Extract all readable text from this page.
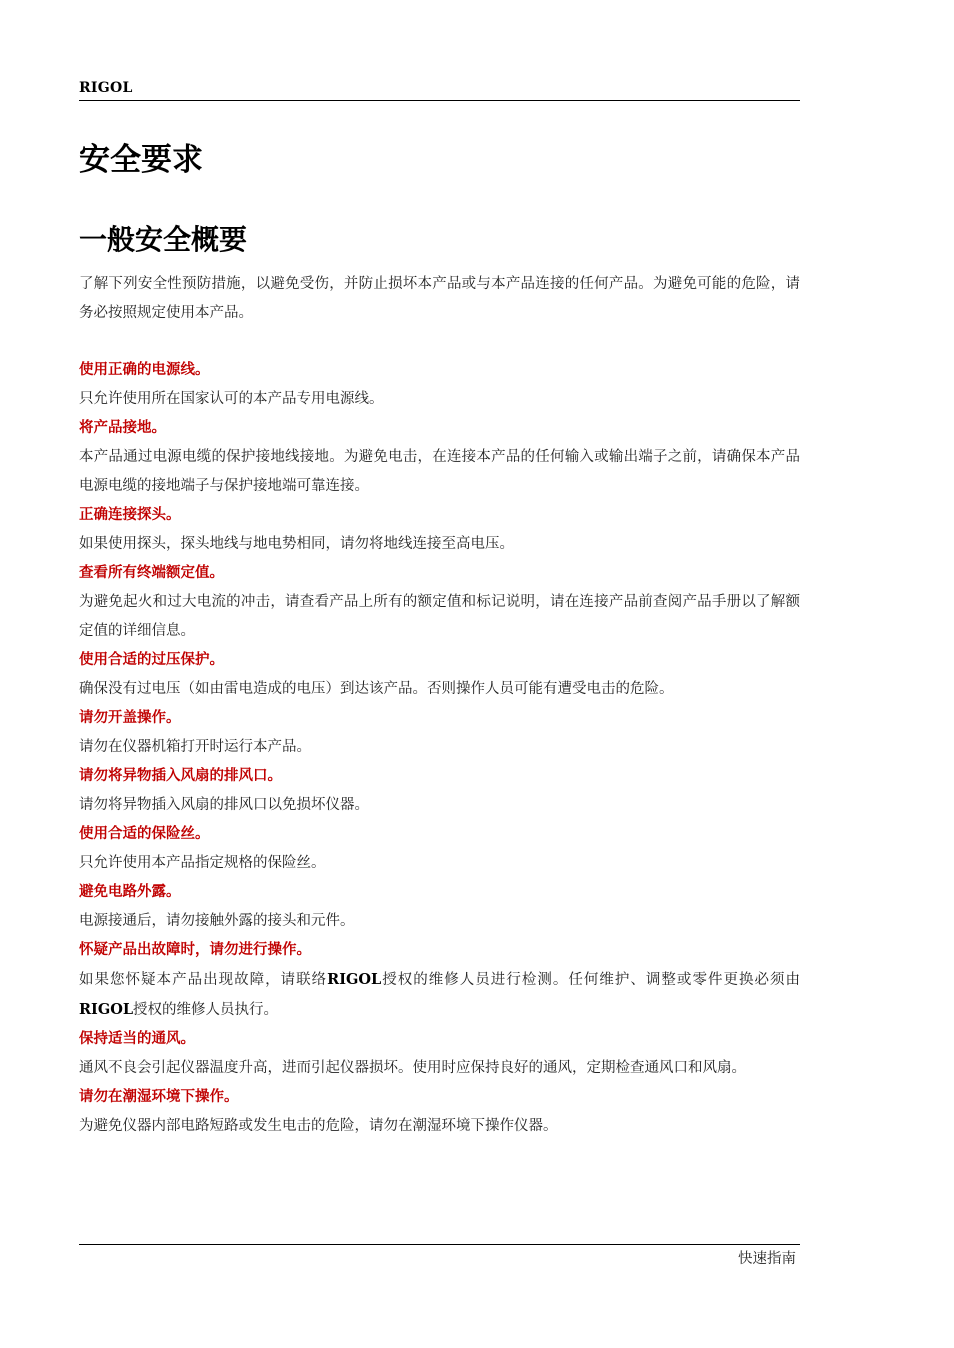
RIGOL
安全要求
一般安全概要

了解下列安全性预防措施，以避免受伤，并防止损坏本产品或与本产品连接的任何产品。为避免可能的危险，请务必按照规定使用本产品。

使用正确的电源线。

只允许使用所在国家认可的本产品专用电源线。

将产品接地。

本产品通过电源电缆的保护接地线接地。为避免电击，在连接本产品的任何输入或输出端子之前，请确保本产品电源电缆的接地端子与保护接地端可靠连接。

正确连接探头。

如果使用探头，探头地线与地电势相同，请勿将地线连接至高电压。

查看所有终端额定值。

为避免起火和过大电流的冲击，请查看产品上所有的额定值和标记说明，请在连接产品前查阅产品手册以了解额定值的详细信息。

使用合适的过压保护。

确保没有过电压（如由雷电造成的电压）到达该产品。否则操作人员可能有遭受电击的危险。

请勿开盖操作。

请勿在仪器机箱打开时运行本产品。

请勿将异物插入风扇的排风口。

请勿将异物插入风扇的排风口以免损坏仪器。

使用合适的保险丝。

只允许使用本产品指定规格的保险丝。

避免电路外露。

电源接通后，请勿接触外露的接头和元件。

怀疑产品出故障时，请勿进行操作。

如果您怀疑本产品出现故障，请联络RIGOL授权的维修人员进行检测。任何维护、调整或零件更换必须由RIGOL授权的维修人员执行。

保持适当的通风。

通风不良会引起仪器温度升高，进而引起仪器损坏。使用时应保持良好的通风，定期检查通风口和风扇。

请勿在潮湿环境下操作。

为避免仪器内部电路短路或发生电击的危险，请勿在潮湿环境下操作仪器。

快速指南
